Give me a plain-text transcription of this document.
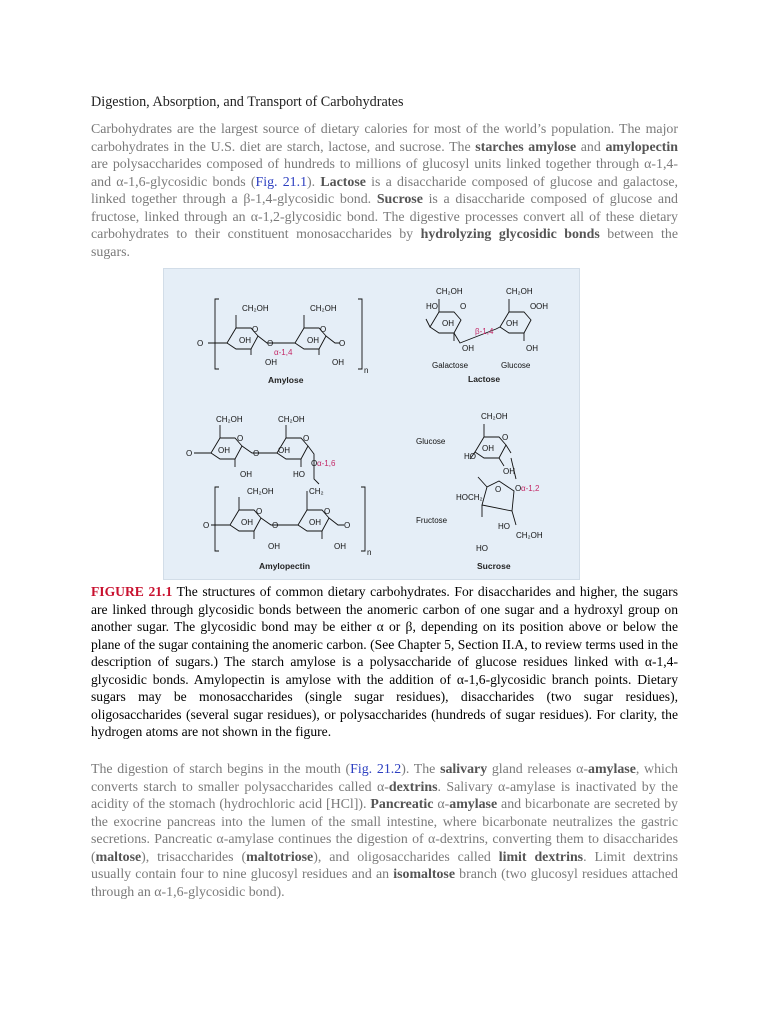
Digestion, Absorption, and Transport of Carbohydrates
Carbohydrates are the largest source of dietary calories for most of the world’s population. The major carbohydrates in the U.S. diet are starch, lactose, and sucrose. The starches amylose and amylopectin are polysaccharides composed of hundreds to millions of glucosyl units linked together through α-1,4- and α-1,6-glycosidic bonds (Fig. 21.1). Lactose is a disaccharide composed of glucose and galactose, linked together through a β-1,4-glycosidic bond. Sucrose is a disaccharide composed of glucose and fructose, linked through an α-1,2-glycosidic bond. The digestive processes convert all of these dietary carbohydrates to their constituent monosaccharides by hydrolyzing glycosidic bonds between the sugars.
CH₂OH	CH₂OH
O	O
O	O	O
OH	OH
OH	OH
α-1,4
n
Amylose
CH₂OH	CH₂OH
HO	O	O OH
OH	OH
OH	OH
β-1,4
Galactose	Glucose
Lactose
CH₂OH	CH₂OH
O	O
O	O
OH	OH
OH	HO
O α-1,6
CH₂OH	CH₂
O	O
O	O	O
OH	OH
OH	OH
n
Amylopectin
CH₂OH
O
OH
HO
OH
O α-1,2
HOCH₂
O
HO
CH₂OH
HO
Glucose
Fructose
Sucrose
FIGURE 21.1 The structures of common dietary carbohydrates. For disaccharides and higher, the sugars are linked through glycosidic bonds between the anomeric carbon of one sugar and a hydroxyl group on another sugar. The glycosidic bond may be either α or β, depending on its position above or below the plane of the sugar containing the anomeric carbon. (See Chapter 5, Section II.A, to review terms used in the description of sugars.) The starch amylose is a polysaccharide of glucose residues linked with α-1,4-glycosidic bonds. Amylopectin is amylose with the addition of α-1,6-glycosidic branch points. Dietary sugars may be monosaccharides (single sugar residues), disaccharides (two sugar residues), oligosaccharides (several sugar residues), or polysaccharides (hundreds of sugar residues). For clarity, the hydrogen atoms are not shown in the figure.
The digestion of starch begins in the mouth (Fig. 21.2). The salivary gland releases α-amylase, which converts starch to smaller polysaccharides called α-dextrins. Salivary α-amylase is inactivated by the acidity of the stomach (hydrochloric acid [HCl]). Pancreatic α-amylase and bicarbonate are secreted by the exocrine pancreas into the lumen of the small intestine, where bicarbonate neutralizes the gastric secretions. Pancreatic α-amylase continues the digestion of α-dextrins, converting them to disaccharides (maltose), trisaccharides (maltotriose), and oligosaccharides called limit dextrins. Limit dextrins usually contain four to nine glucosyl residues and an isomaltose branch (two glucosyl residues attached through an α-1,6-glycosidic bond).
